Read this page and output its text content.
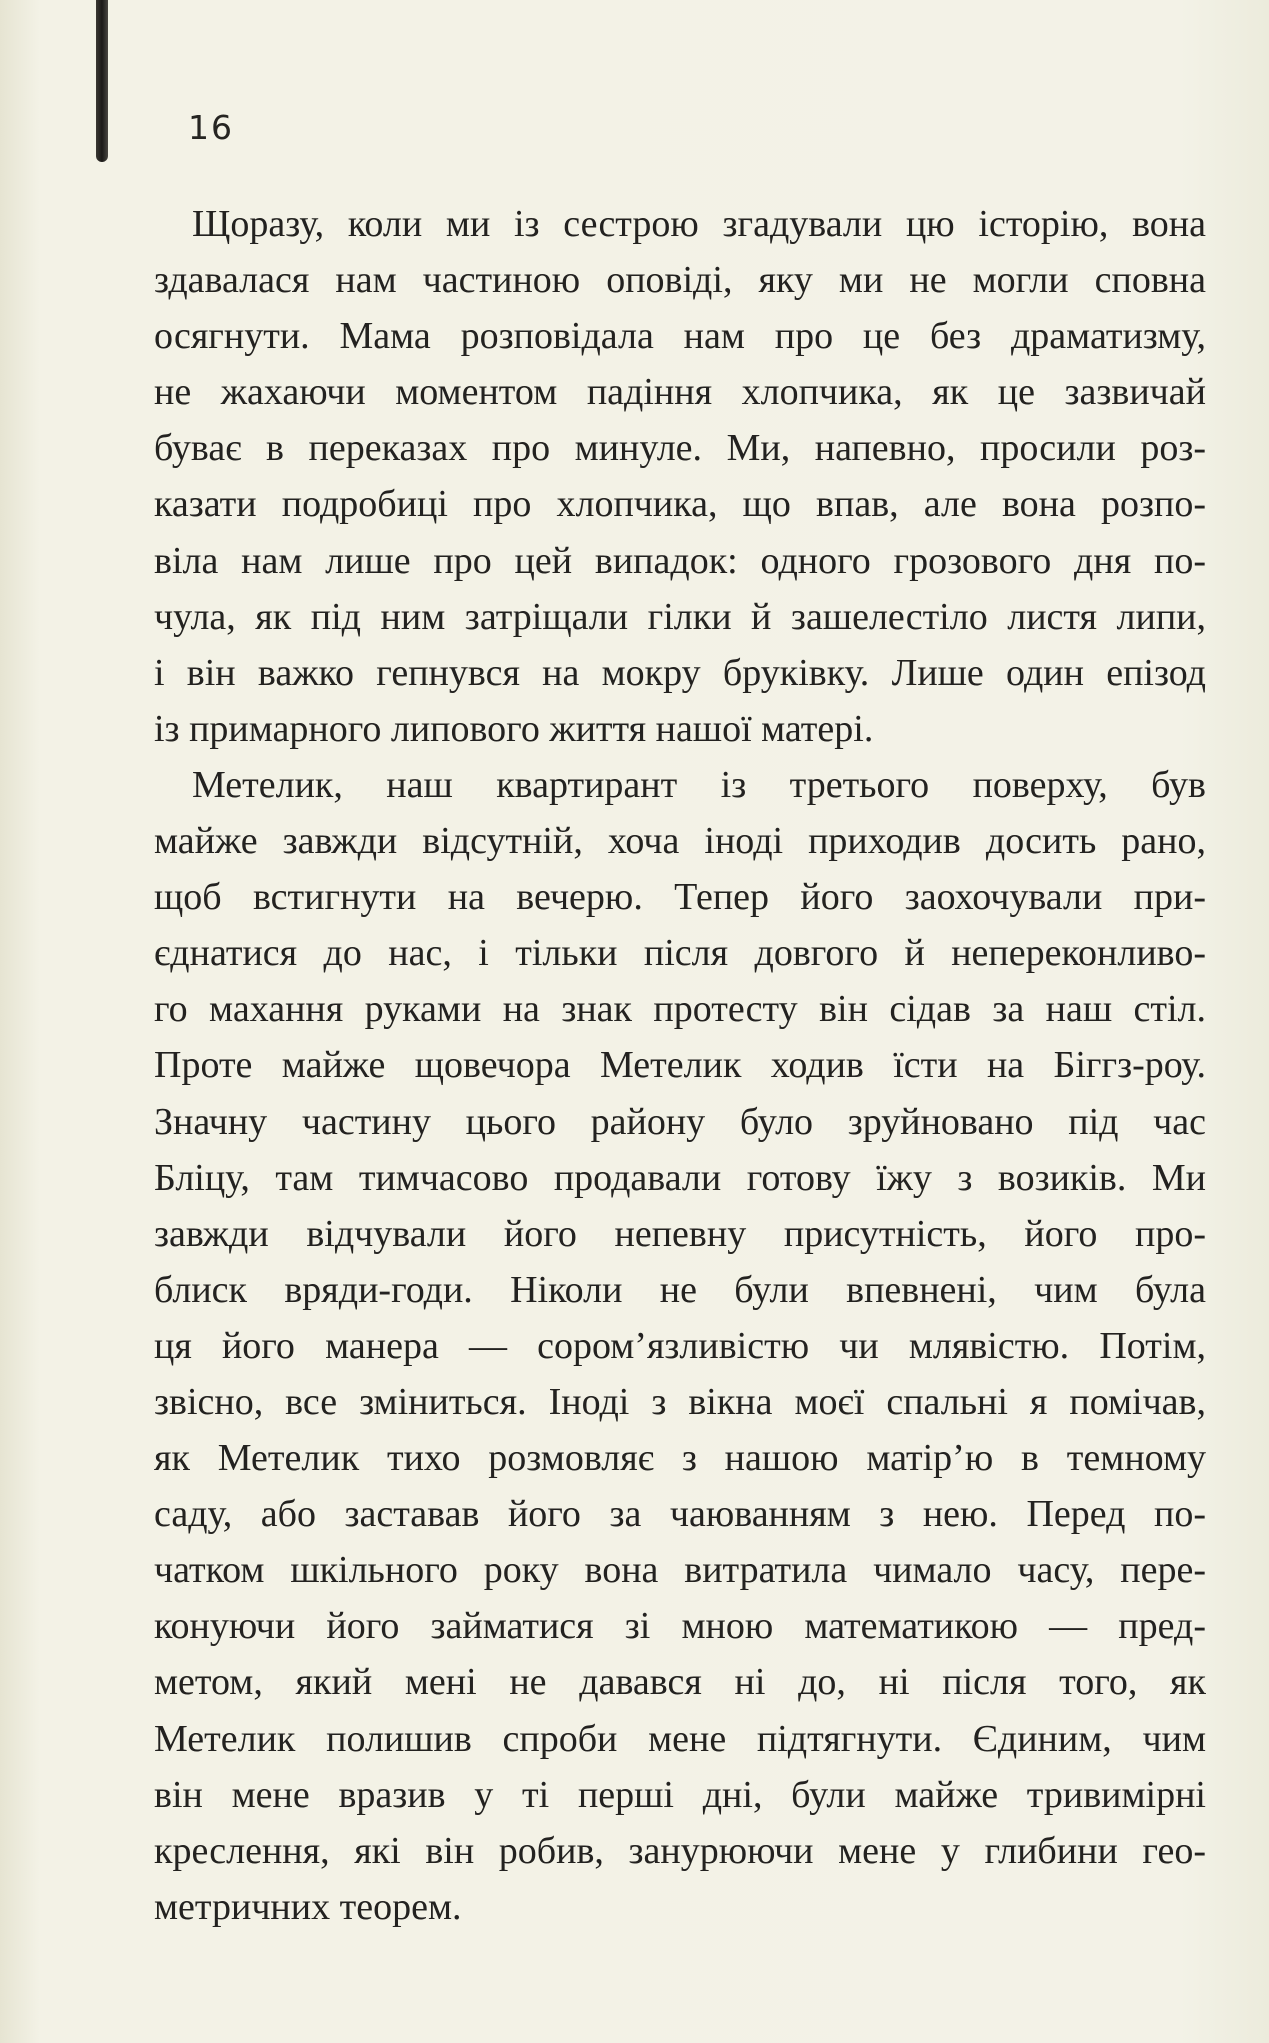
16
Щоразу, коли ми із сестрою згадували цю історію, вона
здавалася нам частиною оповіді, яку ми не могли сповна
осягнути. Мама розповідала нам про це без драматизму,
не жахаючи моментом падіння хлопчика, як це зазвичай
буває в переказах про минуле. Ми, напевно, просили роз-
казати подробиці про хлопчика, що впав, але вона розпо-
віла нам лише про цей випадок: одного грозового дня по-
чула, як під ним затріщали гілки й зашелестіло листя липи,
і він важко гепнувся на мокру бруківку. Лише один епізод
із примарного липового життя нашої матері.
Метелик, наш квартирант із третього поверху, був
майже завжди відсутній, хоча іноді приходив досить рано,
щоб встигнути на вечерю. Тепер його заохочували при-
єднатися до нас, і тільки після довгого й непереконливо-
го махання руками на знак протесту він сідав за наш стіл.
Проте майже щовечора Метелик ходив їсти на Біггз-роу.
Значну частину цього району було зруйновано під час
Бліцу, там тимчасово продавали готову їжу з возиків. Ми
завжди відчували його непевну присутність, його про-
блиск вряди-годи. Ніколи не були впевнені, чим була
ця його манера — сором’язливістю чи млявістю. Потім,
звісно, все зміниться. Іноді з вікна моєї спальні я помічав,
як Метелик тихо розмовляє з нашою матір’ю в темному
саду, або заставав його за чаюванням з нею. Перед по-
чатком шкільного року вона витратила чимало часу, пере-
конуючи його займатися зі мною математикою — пред-
метом, який мені не давався ні до, ні після того, як
Метелик полишив спроби мене підтягнути. Єдиним, чим
він мене вразив у ті перші дні, були майже тривимірні
креслення, які він робив, занурюючи мене у глибини гео-
метричних теорем.
